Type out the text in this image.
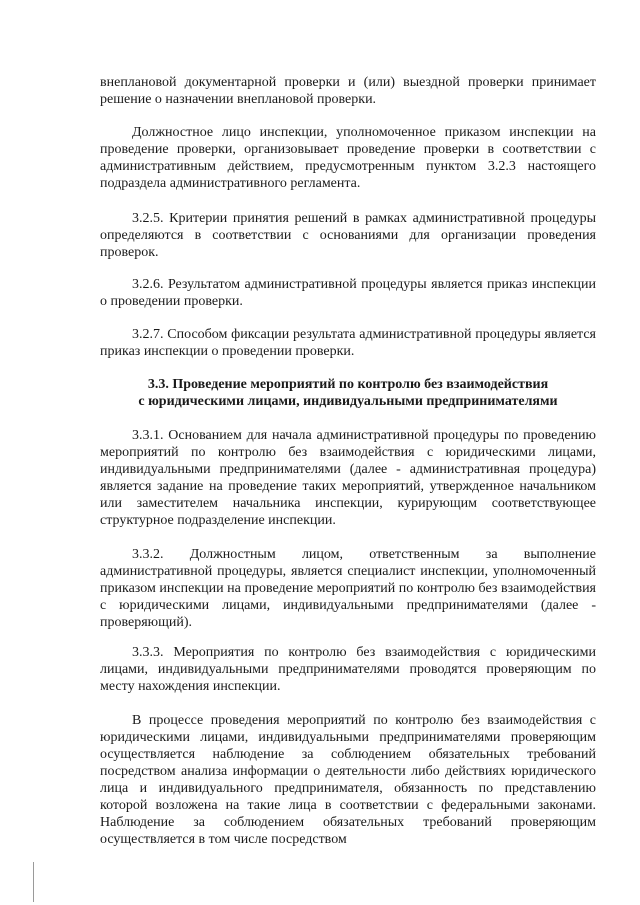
внеплановой документарной проверки и (или) выездной проверки принимает решение о назначении внеплановой проверки.

Должностное лицо инспекции, уполномоченное приказом инспекции на проведение проверки, организовывает проведение проверки в соответствии с административным действием, предусмотренным пунктом 3.2.3 настоящего подраздела административного регламента.

3.2.5. Критерии принятия решений в рамках административной процедуры определяются в соответствии с основаниями для организации проведения проверок.

3.2.6. Результатом административной процедуры является приказ инспекции о проведении проверки.

3.2.7. Способом фиксации результата административной процедуры является приказ инспекции о проведении проверки.

3.3. Проведение мероприятий по контролю без взаимодействия
с юридическими лицами, индивидуальными предпринимателями

3.3.1. Основанием для начала административной процедуры по проведению мероприятий по контролю без взаимодействия с юридическими лицами, индивидуальными предпринимателями (далее - административная процедура) является задание на проведение таких мероприятий, утвержденное начальником или заместителем начальника инспекции, курирующим соответствующее структурное подразделение инспекции.

3.3.2. Должностным лицом, ответственным за выполнение административной процедуры, является специалист инспекции, уполномоченный приказом инспекции на проведение мероприятий по контролю без взаимодействия с юридическими лицами, индивидуальными предпринимателями (далее - проверяющий).

3.3.3. Мероприятия по контролю без взаимодействия с юридическими лицами, индивидуальными предпринимателями проводятся проверяющим по месту нахождения инспекции.

В процессе проведения мероприятий по контролю без взаимодействия с юридическими лицами, индивидуальными предпринимателями проверяющим осуществляется наблюдение за соблюдением обязательных требований посредством анализа информации о деятельности либо действиях юридического лица и индивидуального предпринимателя, обязанность по представлению которой возложена на такие лица в соответствии с федеральными законами. Наблюдение за соблюдением обязательных требований проверяющим осуществляется в том числе посредством
